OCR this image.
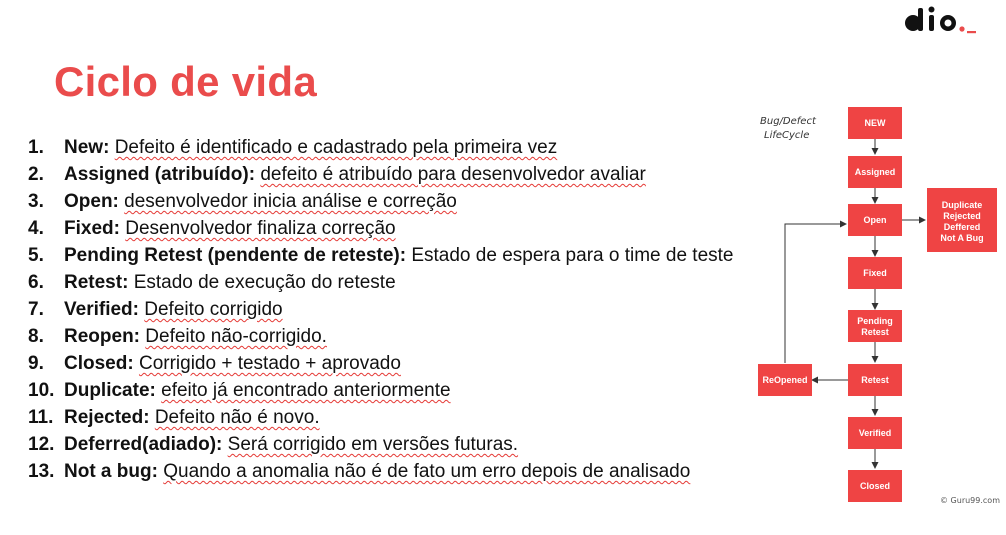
Ciclo de vida
1. New: Defeito é identificado e cadastrado pela primeira vez
2. Assigned (atribuído): defeito é atribuído para desenvolvedor avaliar
3. Open: desenvolvedor inicia análise e correção
4. Fixed: Desenvolvedor finaliza correção
5. Pending Retest (pendente de reteste): Estado de espera para o time de teste
6. Retest: Estado de execução do reteste
7. Verified: Defeito corrigido
8. Reopen: Defeito não-corrigido.
9. Closed: Corrigido + testado + aprovado
10. Duplicate: efeito já encontrado anteriormente
11. Rejected: Defeito não é novo.
12. Deferred(adiado): Será corrigido em versões futuras.
13. Not a bug: Quando a anomalia não é de fato um erro depois de analisado
Bug/Defect
LifeCycle
NEW
Assigned
Open
Fixed
Pending
Retest
Retest
Verified
Closed
ReOpened
Duplicate
Rejected
Deffered
Not A Bug
© Guru99.com
